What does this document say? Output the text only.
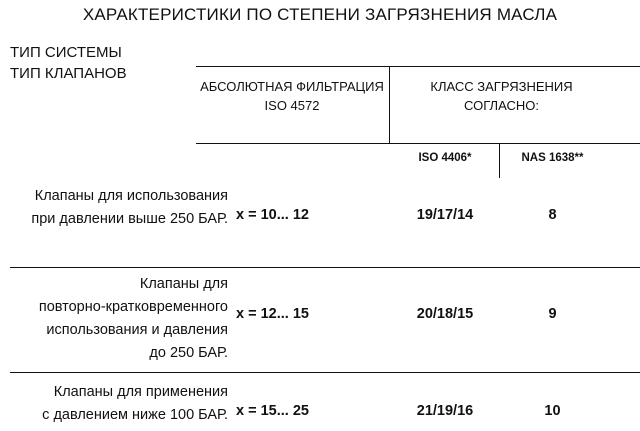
ХАРАКТЕРИСТИКИ ПО СТЕПЕНИ ЗАГРЯЗНЕНИЯ МАСЛА
ТИП СИСТЕМЫ
ТИП КЛАПАНОВ
АБСОЛЮТНАЯ ФИЛЬТРАЦИЯ
ISO 4572
КЛАСС ЗАГРЯЗНЕНИЯ
СОГЛАСНО:
ISO 4406*	NAS 1638**
Клапаны для использования
при давлении выше 250 БАР. x = 10... 12	19/17/14	8
Клапаны для
повторно-кратковременного
использования и давления
до 250 БАР.
x = 12... 15	20/18/15	9
Клапаны для применения
с давлением ниже 100 БАР. x = 15... 25	21/19/16	10
